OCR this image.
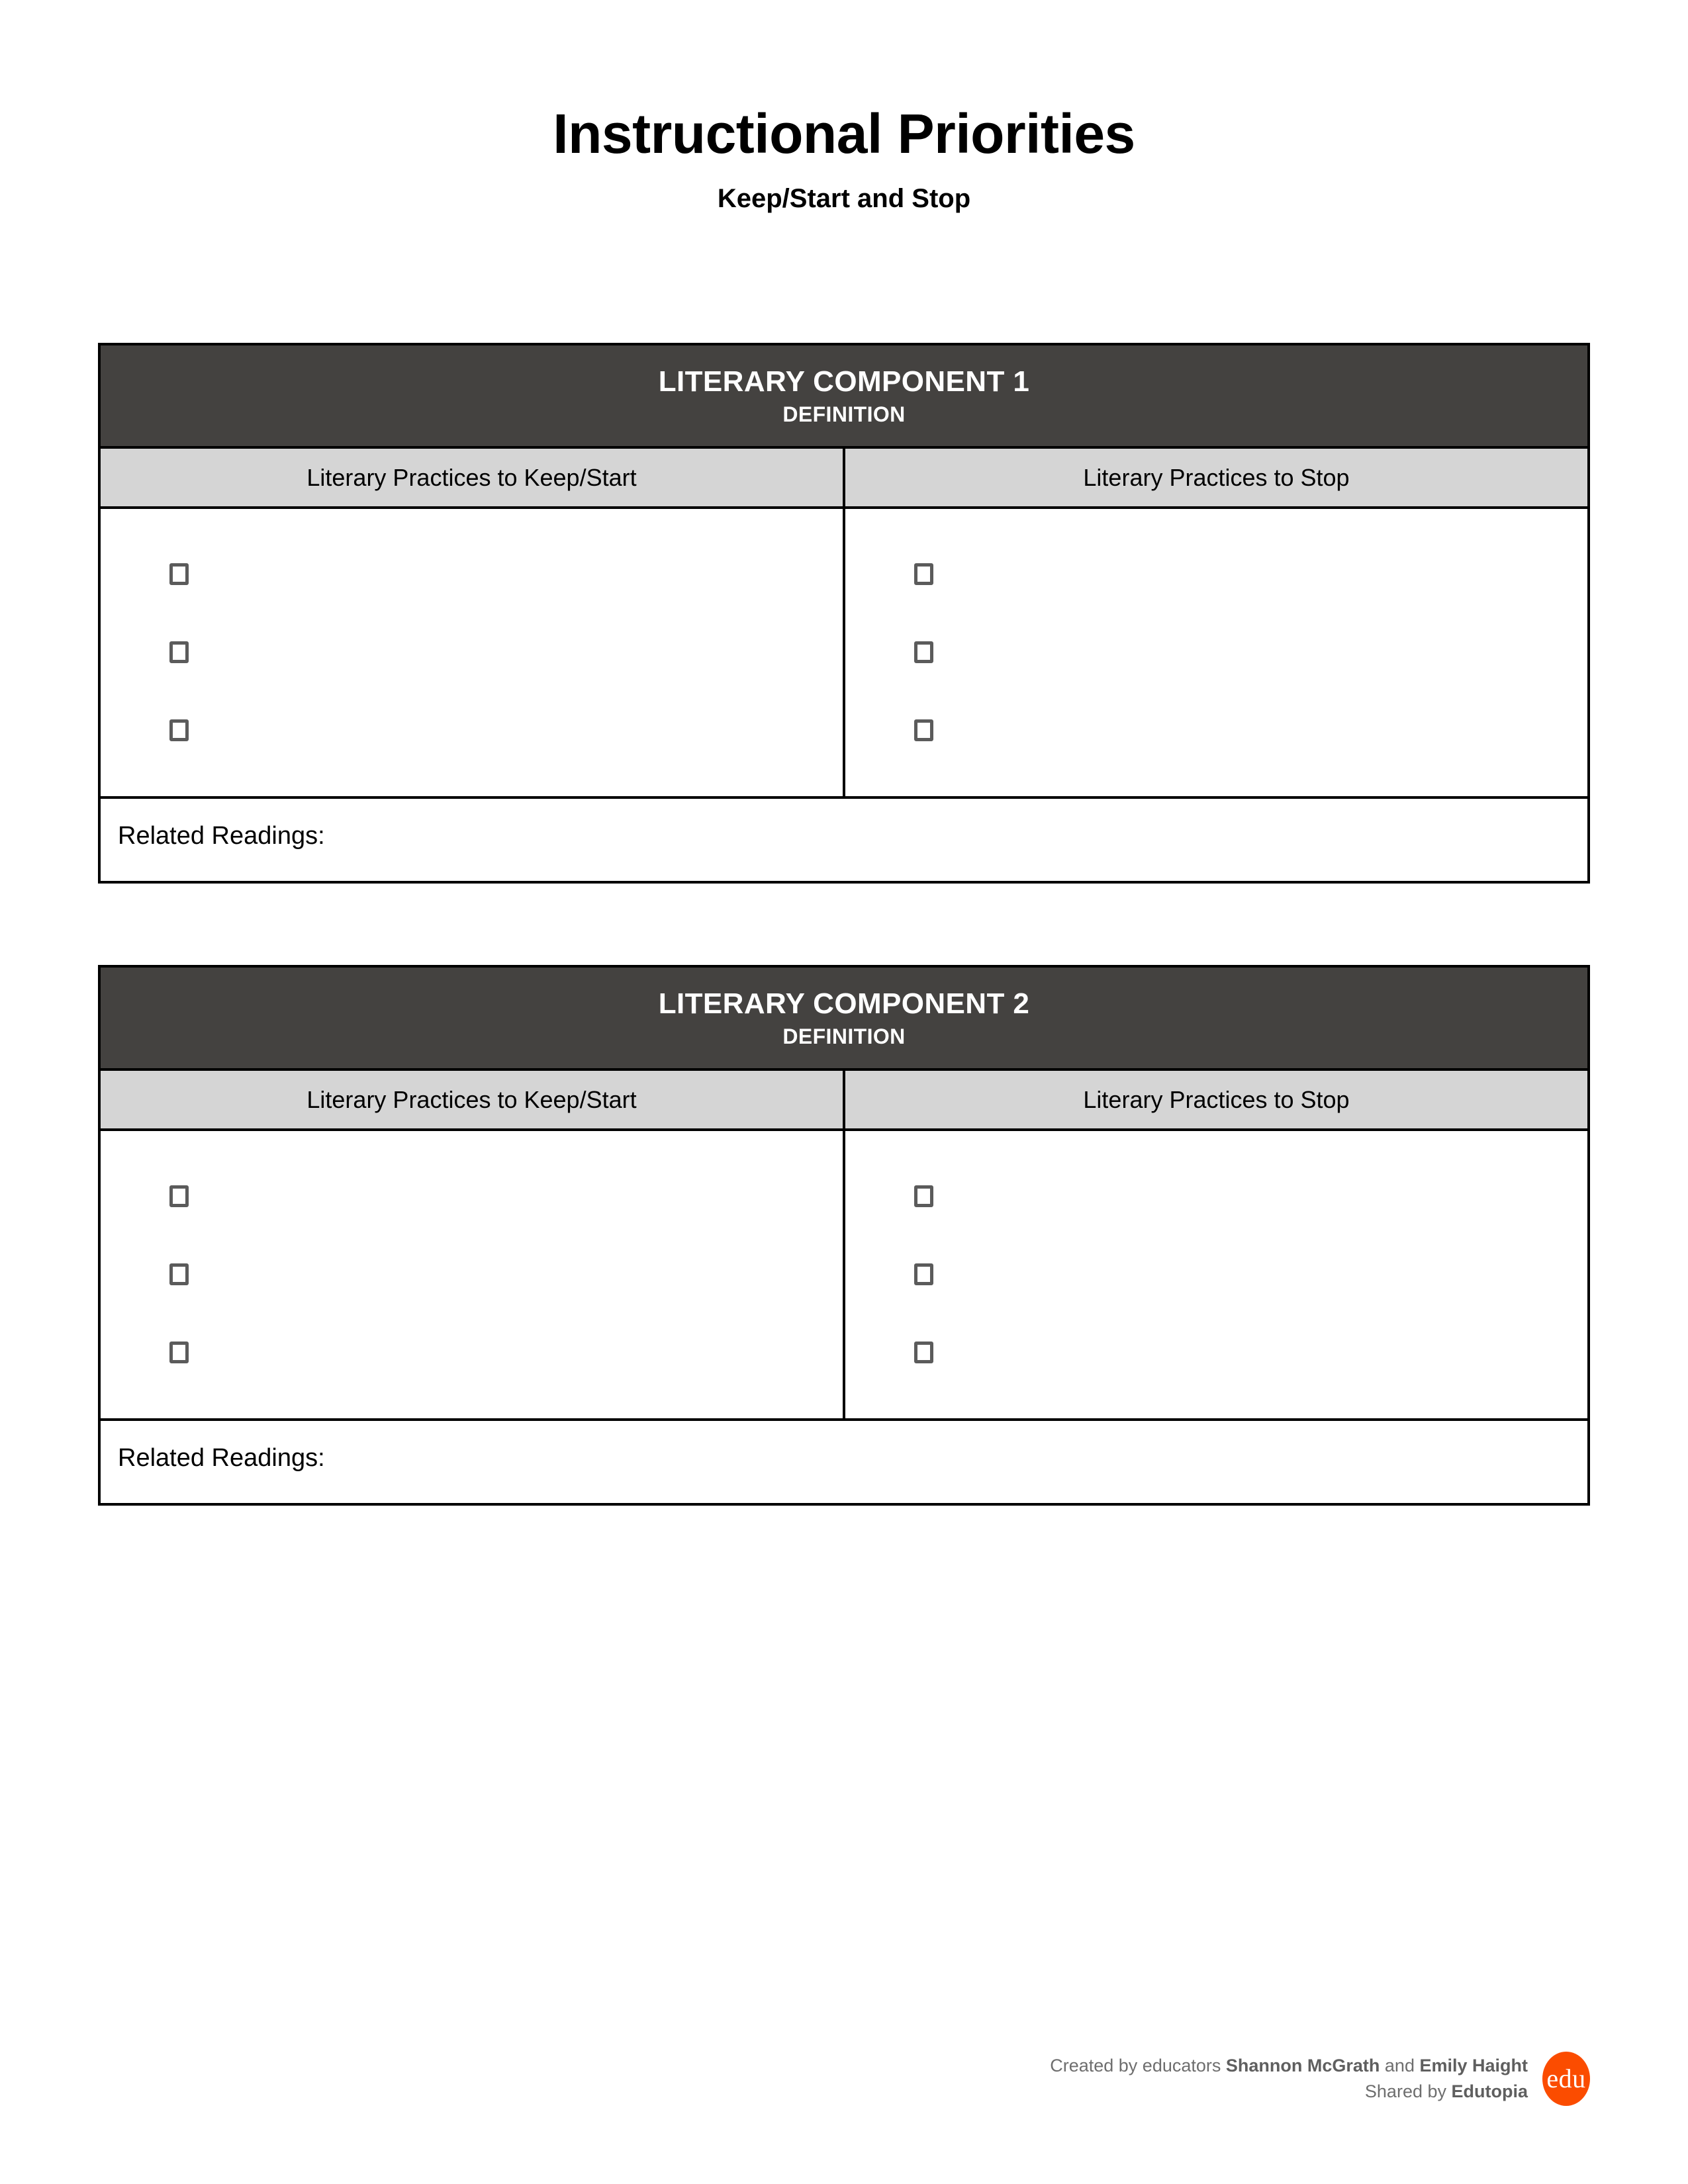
Instructional Priorities
Keep/Start and Stop
LITERARY COMPONENT 1
DEFINITION
Literary Practices to Keep/Start	Literary Practices to Stop
Related Readings:
LITERARY COMPONENT 2
DEFINITION
Literary Practices to Keep/Start	Literary Practices to Stop
Related Readings:
Created by educators Shannon McGrath and Emily Haight
Shared by Edutopia edu
